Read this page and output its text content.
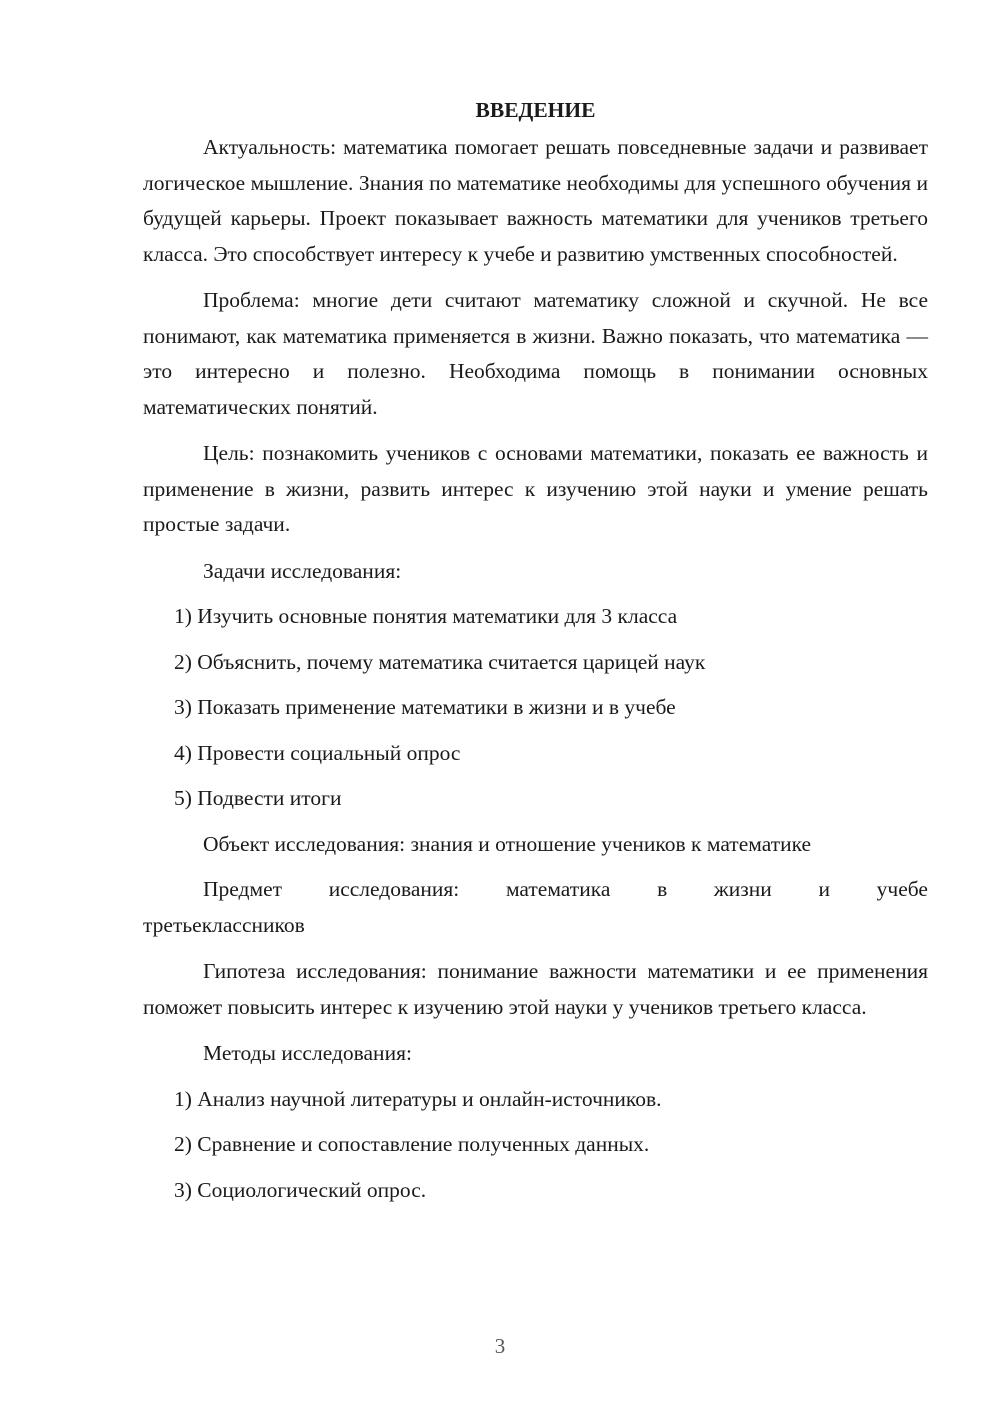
ВВЕДЕНИЕ

Актуальность: математика помогает решать повседневные задачи и развивает логическое мышление. Знания по математике необходимы для успешного обучения и будущей карьеры. Проект показывает важность математики для учеников третьего класса. Это способствует интересу к учебе и развитию умственных способностей.

Проблема: многие дети считают математику сложной и скучной. Не все понимают, как математика применяется в жизни. Важно показать, что математика — это интересно и полезно. Необходима помощь в понимании основных математических понятий.

Цель: познакомить учеников с основами математики, показать ее важность и применение в жизни, развить интерес к изучению этой науки и умение решать простые задачи.

Задачи исследования:

1) Изучить основные понятия математики для 3 класса

2) Объяснить, почему математика считается царицей наук

3) Показать применение математики в жизни и в учебе

4) Провести социальный опрос

5) Подвести итоги

Объект исследования: знания и отношение учеников к математике

Предмет исследования: математика в жизни и учебе
третьеклассников

Гипотеза исследования: понимание важности математики и ее применения поможет повысить интерес к изучению этой науки у учеников третьего класса.

Методы исследования:

1) Анализ научной литературы и онлайн-источников.

2) Сравнение и сопоставление полученных данных.

3) Социологический опрос.

3
